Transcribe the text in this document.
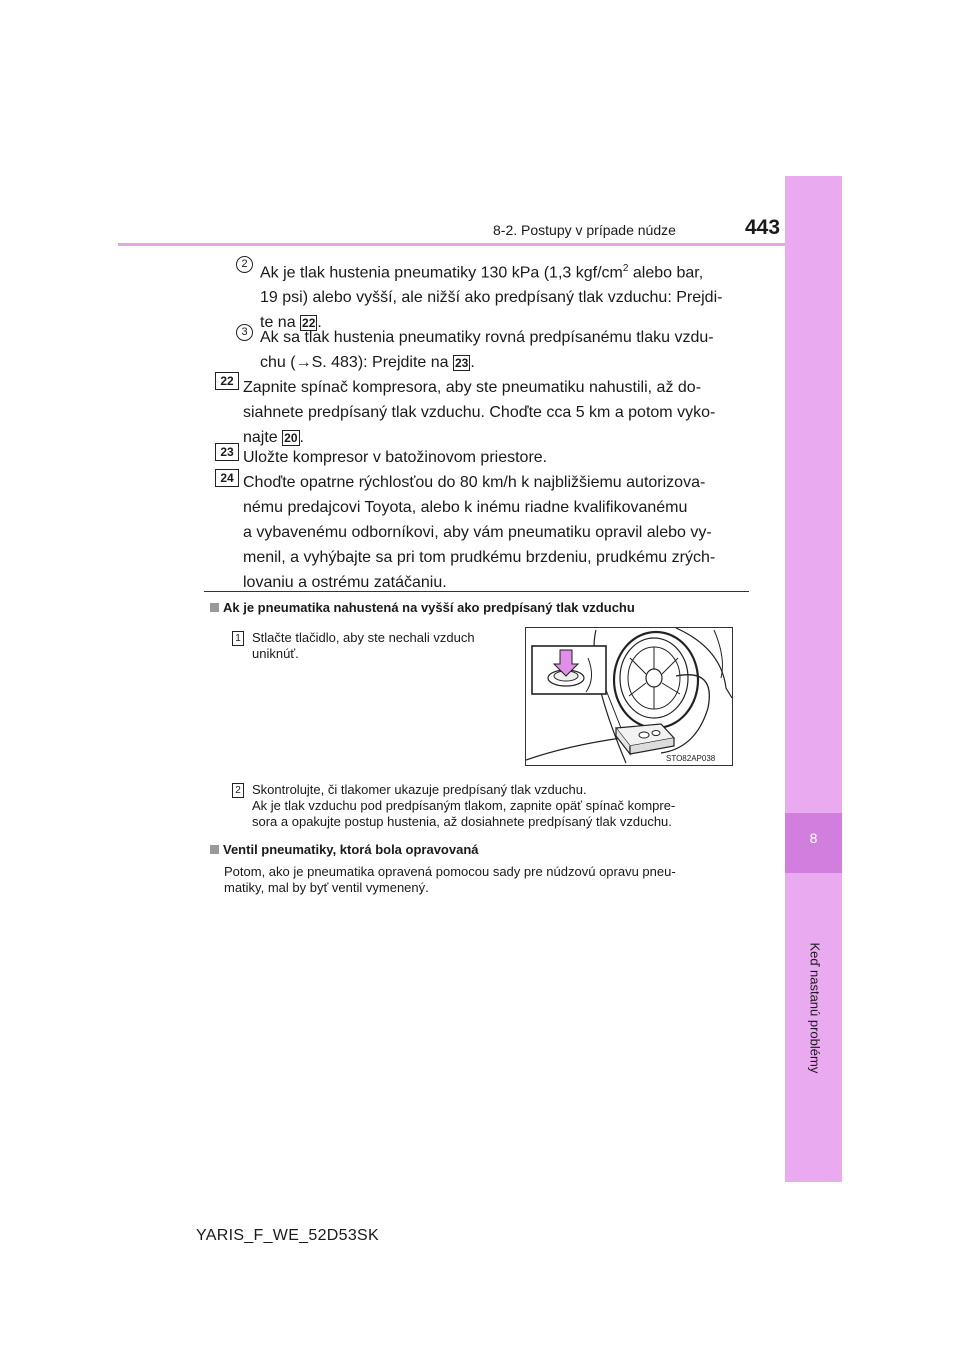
8-2. Postupy v prípade núdze	443
8
Keď nastanú problémy
2
Ak je tlak hustenia pneumatiky 130 kPa (1,3 kgf/$cm^2$ alebo bar,
19 psi) alebo vyšší, ale nižší ako predpísaný tlak vzduchu: Prejdi-
te na 22 .
3 Ak sa tlak hustenia pneumatiky rovná predpísanému tlaku vzdu-
chu (→S. 483): Prejdite na 23 .
22 Zapnite spínač kompresora, aby ste pneumatiku nahustili, až do-
siahnete predpísaný tlak vzduchu. Choďte cca 5 km a potom vyko-
najte 20 .
23 Uložte kompresor v batožinovom priestore.
24 Choďte opatrne rýchlosťou do 80 km/h k najbližšiemu autorizova-
nému predajcovi Toyota, alebo k inému riadne kvalifikovanému
a vybavenému odborníkovi, aby vám pneumatiku opravil alebo vy-
menil, a vyhýbajte sa pri tom prudkému brzdeniu, prudkému zrých-
lovaniu a ostrému zatáčaniu.
Ak je pneumatika nahustená na vyšší ako predpísaný tlak vzduchu
1 Stlačte tlačidlo, aby ste nechali vzduch
uniknúť.
STO82AP038
2 Skontrolujte, či tlakomer ukazuje predpísaný tlak vzduchu.
Ak je tlak vzduchu pod predpísaným tlakom, zapnite opäť spínač kompre-
sora a opakujte postup hustenia, až dosiahnete predpísaný tlak vzduchu.
Ventil pneumatiky, ktorá bola opravovaná
Potom, ako je pneumatika opravená pomocou sady pre núdzovú opravu pneu-
matiky, mal by byť ventil vymenený.
YARIS_F_WE_52D53SK
